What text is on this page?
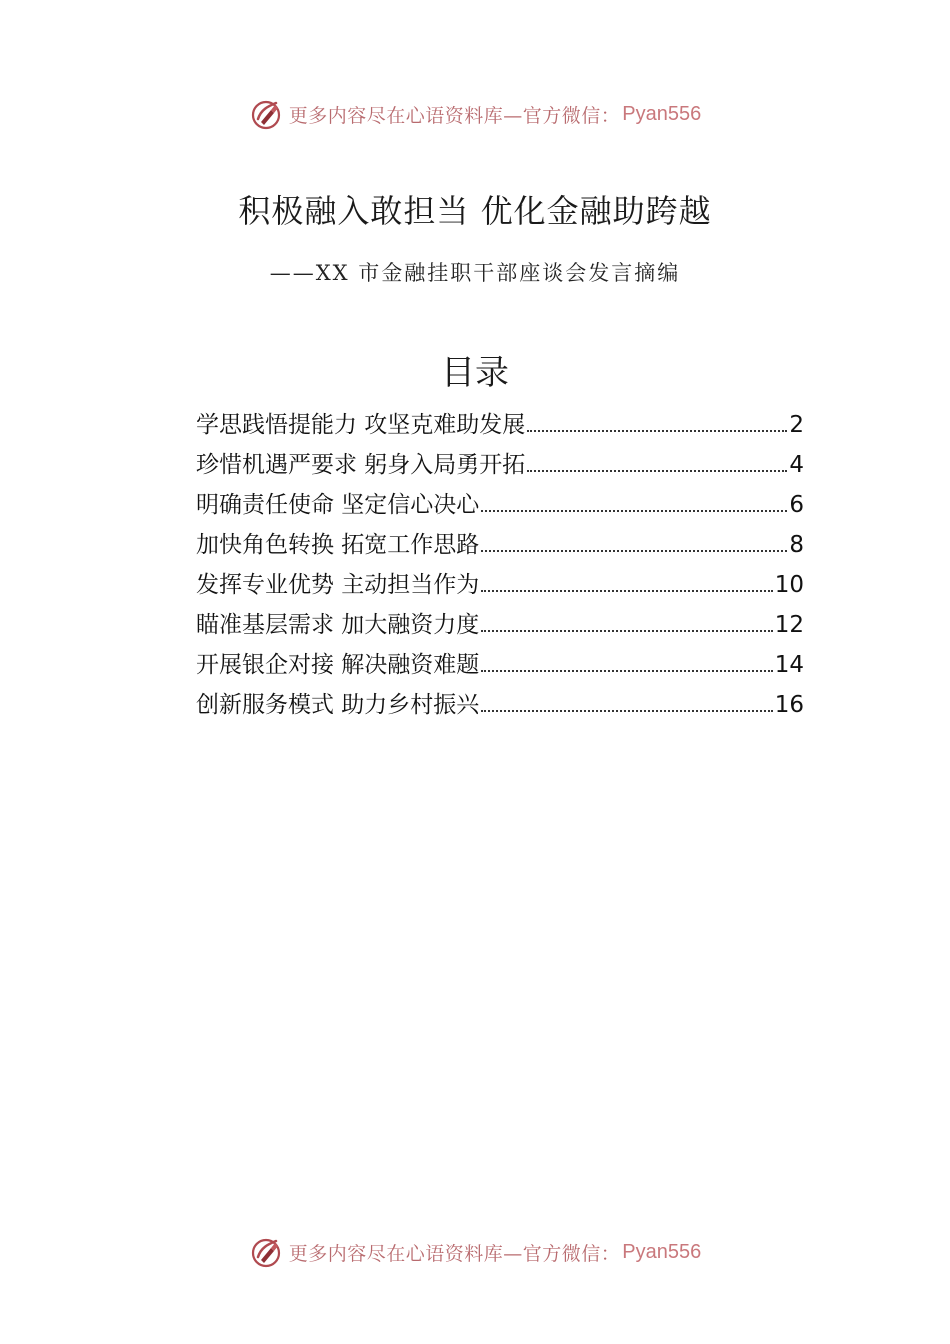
更多内容尽在心语资料库—官方微信： Pyan556
积极融入敢担当 优化金融助跨越
——XX 市金融挂职干部座谈会发言摘编
目录
学思践悟提能力 攻坚克难助发展	2
珍惜机遇严要求 躬身入局勇开拓	4
明确责任使命 坚定信心决心	6
加快角色转换 拓宽工作思路	8
发挥专业优势 主动担当作为	10
瞄准基层需求 加大融资力度	12
开展银企对接 解决融资难题	14
创新服务模式 助力乡村振兴	16
更多内容尽在心语资料库—官方微信： Pyan556
